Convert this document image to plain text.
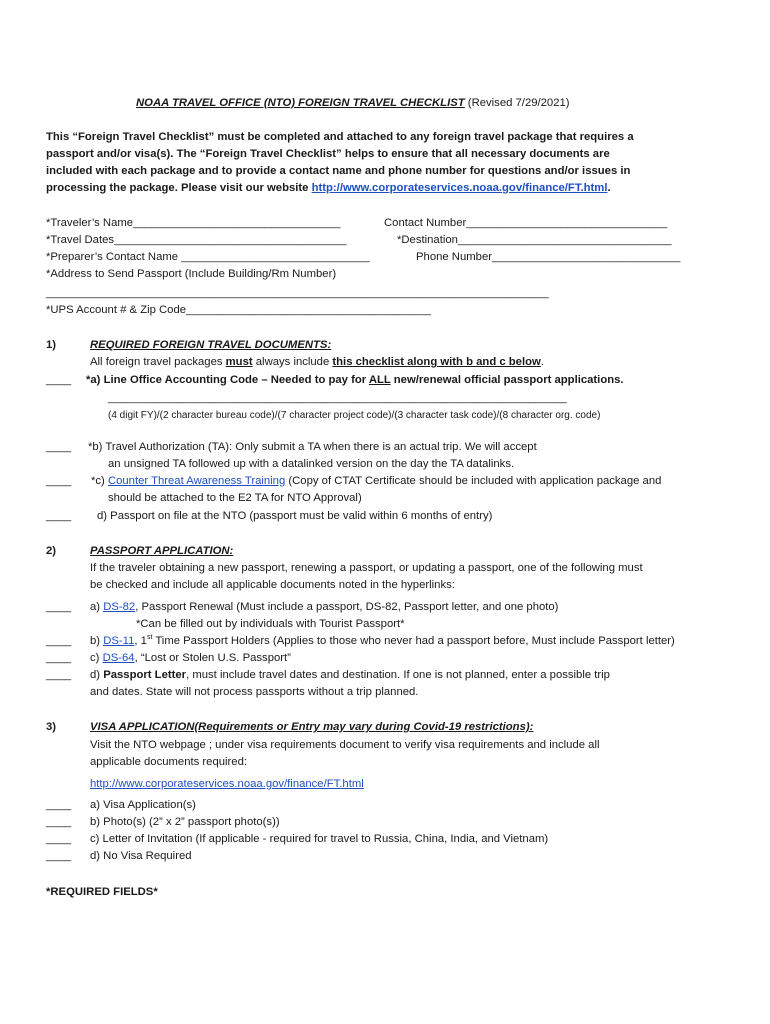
NOAA TRAVEL OFFICE (NTO) FOREIGN TRAVEL CHECKLIST (Revised 7/29/2021)
This “Foreign Travel Checklist” must be completed and attached to any foreign travel package that requires a
passport and/or visa(s). The “Foreign Travel Checklist” helps to ensure that all necessary documents are
included with each package and to provide a contact name and phone number for questions and/or issues in
processing the package. Please visit our website http://www.corporateservices.noaa.gov/finance/FT.html.
*Traveler’s Name_________________________________	Contact Number________________________________
*Travel Dates_____________________________________	*Destination__________________________________
*Preparer’s Contact Name ______________________________	Phone Number______________________________
*Address to Send Passport (Include Building/Rm Number)
________________________________________________________________________________
*UPS Account # & Zip Code_______________________________________
1)	REQUIRED FOREIGN TRAVEL DOCUMENTS:
All foreign travel packages must always include this checklist along with b and c below.
____ *a) Line Office Accounting Code – Needed to pay for ALL new/renewal official passport applications.
_________________________________________________________________________
(4 digit FY)/(2 character bureau code)/(7 character project code)/(3 character task code)/(8 character org. code)
____ *b) Travel Authorization (TA): Only submit a TA when there is an actual trip. We will accept
an unsigned TA followed up with a datalinked version on the day the TA datalinks.
____ *c) Counter Threat Awareness Training (Copy of CTAT Certificate should be included with application package and
should be attached to the E2 TA for NTO Approval)
____ d) Passport on file at the NTO (passport must be valid within 6 months of entry)
2)	PASSPORT APPLICATION:
If the traveler obtaining a new passport, renewing a passport, or updating a passport, one of the following must
be checked and include all applicable documents noted in the hyperlinks:
____ a) DS-82, Passport Renewal (Must include a passport, DS-82, Passport letter, and one photo)
*Can be filled out by individuals with Tourist Passport*
____ b) DS-11, 1st Time Passport Holders (Applies to those who never had a passport before, Must include Passport letter)
____ c) DS-64, “Lost or Stolen U.S. Passport”
____ d) Passport Letter, must include travel dates and destination. If one is not planned, enter a possible trip
and dates. State will not process passports without a trip planned.
3)	VISA APPLICATION(Requirements or Entry may vary during Covid-19 restrictions):
Visit the NTO webpage ; under visa requirements document to verify visa requirements and include all
applicable documents required:
http://www.corporateservices.noaa.gov/finance/FT.html
____ a) Visa Application(s)
____ b) Photo(s) (2” x 2” passport photo(s))
____ c) Letter of Invitation (If applicable - required for travel to Russia, China, India, and Vietnam)
____ d) No Visa Required
*REQUIRED FIELDS*
